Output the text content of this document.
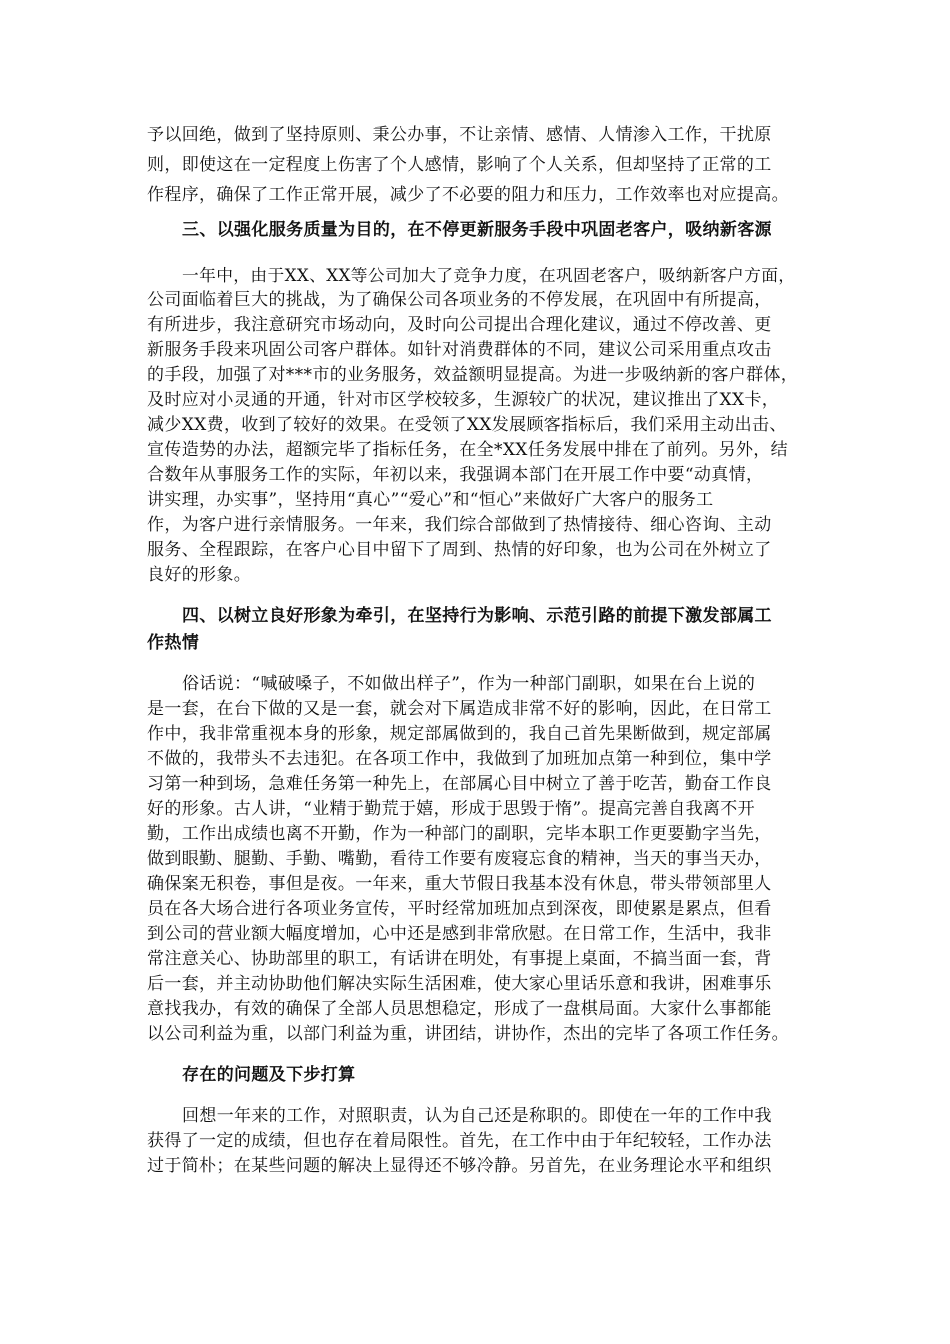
予以回绝，做到了坚持原则、秉公办事，不让亲情、感情、人情渗入工作，干扰原
则，即使这在一定程度上伤害了个人感情，影响了个人关系，但却坚持了正常的工
作程序，确保了工作正常开展，减少了不必要的阻力和压力，工作效率也对应提高。
三、以强化服务质量为目的，在不停更新服务手段中巩固老客户，吸纳新客源
一年中，由于XX、XX等公司加大了竞争力度，在巩固老客户，吸纳新客户方面，
公司面临着巨大的挑战，为了确保公司各项业务的不停发展，在巩固中有所提高，
有所进步，我注意研究市场动向，及时向公司提出合理化建议，通过不停改善、更
新服务手段来巩固公司客户群体。如针对消费群体的不同，建议公司采用重点攻击
的手段，加强了对***市的业务服务，效益额明显提高。为进一步吸纳新的客户群体，
及时应对小灵通的开通，针对市区学校较多，生源较广的状况，建议推出了XX卡，
减少XX费，收到了较好的效果。在受领了XX发展顾客指标后，我们采用主动出击、
宣传造势的办法，超额完毕了指标任务，在全*XX任务发展中排在了前列。另外，结
合数年从事服务工作的实际，年初以来，我强调本部门在开展工作中要“动真情，
讲实理，办实事”，坚持用“真心”“爱心”和“恒心”来做好广大客户的服务工
作，为客户进行亲情服务。一年来，我们综合部做到了热情接待、细心咨询、主动
服务、全程跟踪，在客户心目中留下了周到、热情的好印象，也为公司在外树立了
良好的形象。
四、以树立良好形象为牵引，在坚持行为影响、示范引路的前提下激发部属工
作热情
俗话说：“喊破嗓子，不如做出样子”，作为一种部门副职，如果在台上说的
是一套，在台下做的又是一套，就会对下属造成非常不好的影响，因此，在日常工
作中，我非常重视本身的形象，规定部属做到的，我自己首先果断做到，规定部属
不做的，我带头不去违犯。在各项工作中，我做到了加班加点第一种到位，集中学
习第一种到场，急难任务第一种先上，在部属心目中树立了善于吃苦，勤奋工作良
好的形象。古人讲，“业精于勤荒于嬉，形成于思毁于惰”。提高完善自我离不开
勤，工作出成绩也离不开勤，作为一种部门的副职，完毕本职工作更要勤字当先，
做到眼勤、腿勤、手勤、嘴勤，看待工作要有废寝忘食的精神，当天的事当天办，
确保案无积卷，事但是夜。一年来，重大节假日我基本没有休息，带头带领部里人
员在各大场合进行各项业务宣传，平时经常加班加点到深夜，即使累是累点，但看
到公司的营业额大幅度增加，心中还是感到非常欣慰。在日常工作，生活中，我非
常注意关心、协助部里的职工，有话讲在明处，有事提上桌面，不搞当面一套，背
后一套，并主动协助他们解决实际生活困难，使大家心里话乐意和我讲，困难事乐
意找我办，有效的确保了全部人员思想稳定，形成了一盘棋局面。大家什么事都能
以公司利益为重，以部门利益为重，讲团结，讲协作，杰出的完毕了各项工作任务。
存在的问题及下步打算
回想一年来的工作，对照职责，认为自己还是称职的。即使在一年的工作中我
获得了一定的成绩，但也存在着局限性。首先，在工作中由于年纪较轻，工作办法
过于简朴；在某些问题的解决上显得还不够冷静。另首先，在业务理论水平和组织
